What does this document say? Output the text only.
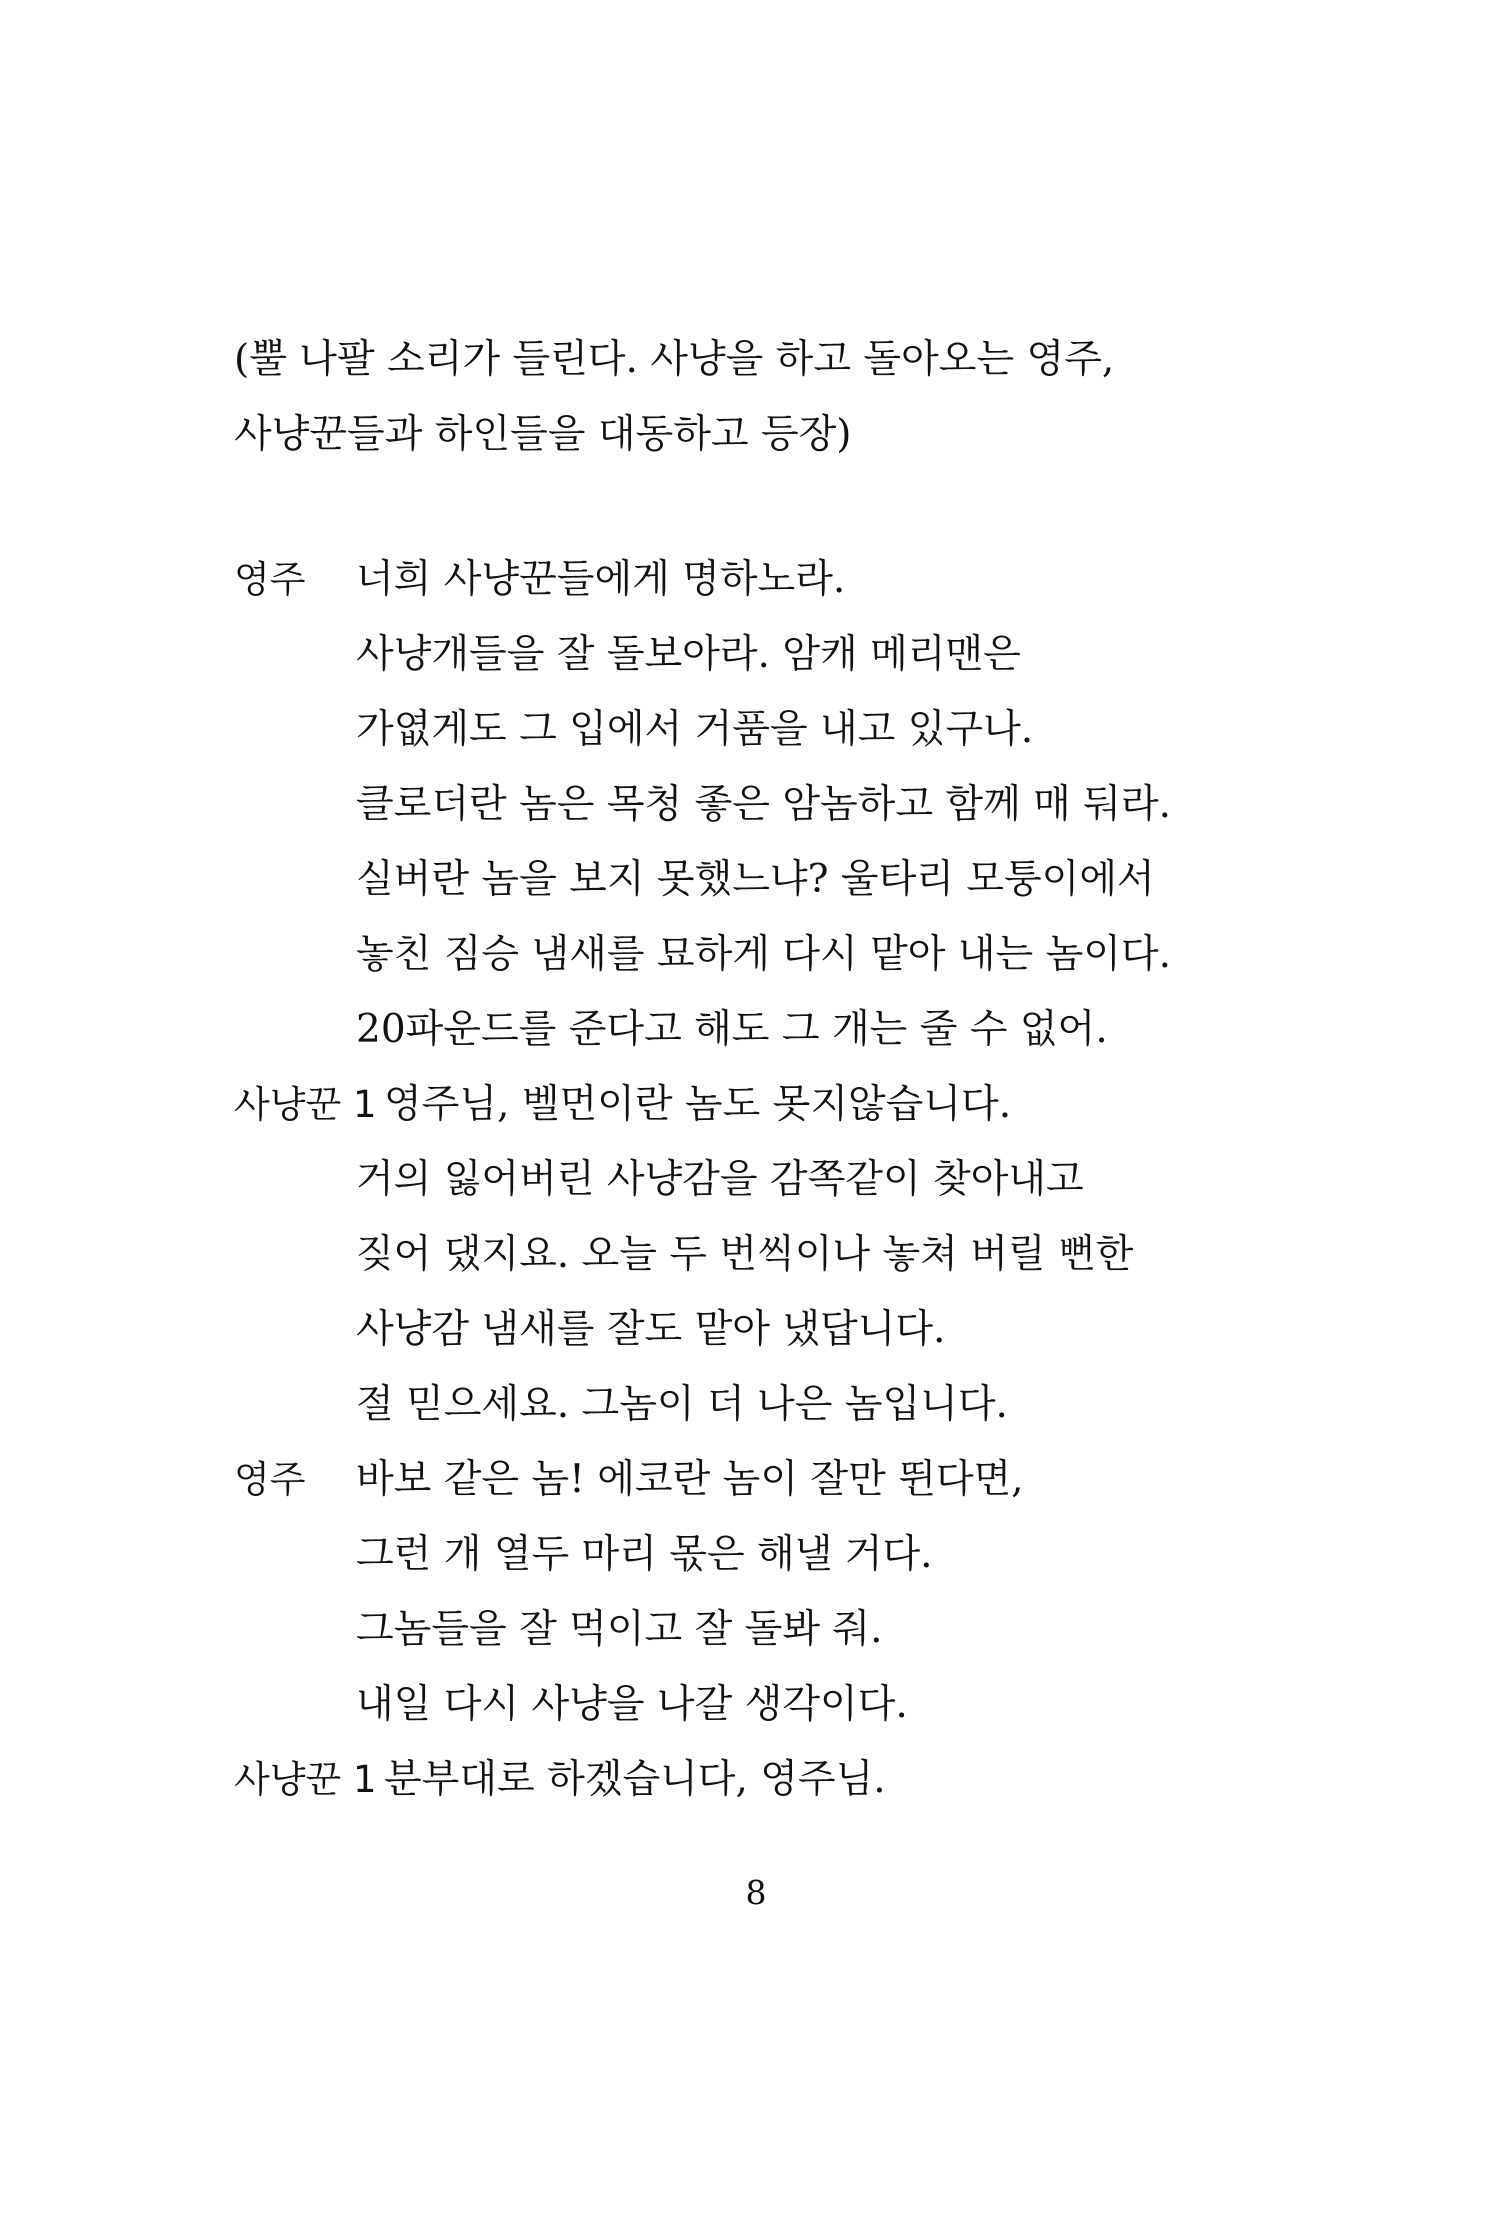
(뿔 나팔 소리가 들린다. 사냥을 하고 돌아오는 영주,
사냥꾼들과 하인들을 대동하고 등장)
영주 너희 사냥꾼들에게 명하노라.
사냥개들을 잘 돌보아라. 암캐 메리맨은
가엾게도 그 입에서 거품을 내고 있구나.
클로더란 놈은 목청 좋은 암놈하고 함께 매 둬라.
실버란 놈을 보지 못했느냐? 울타리 모퉁이에서
놓친 짐승 냄새를 묘하게 다시 맡아 내는 놈이다.
20파운드를 준다고 해도 그 개는 줄 수 없어.
사냥꾼 1 영주님, 벨먼이란 놈도 못지않습니다.
거의 잃어버린 사냥감을 감쪽같이 찾아내고
짖어 댔지요. 오늘 두 번씩이나 놓쳐 버릴 뻔한
사냥감 냄새를 잘도 맡아 냈답니다.
절 믿으세요. 그놈이 더 나은 놈입니다.
영주 바보 같은 놈! 에코란 놈이 잘만 뛴다면,
그런 개 열두 마리 몫은 해낼 거다.
그놈들을 잘 먹이고 잘 돌봐 줘.
내일 다시 사냥을 나갈 생각이다.
사냥꾼 1 분부대로 하겠습니다, 영주님.
8
